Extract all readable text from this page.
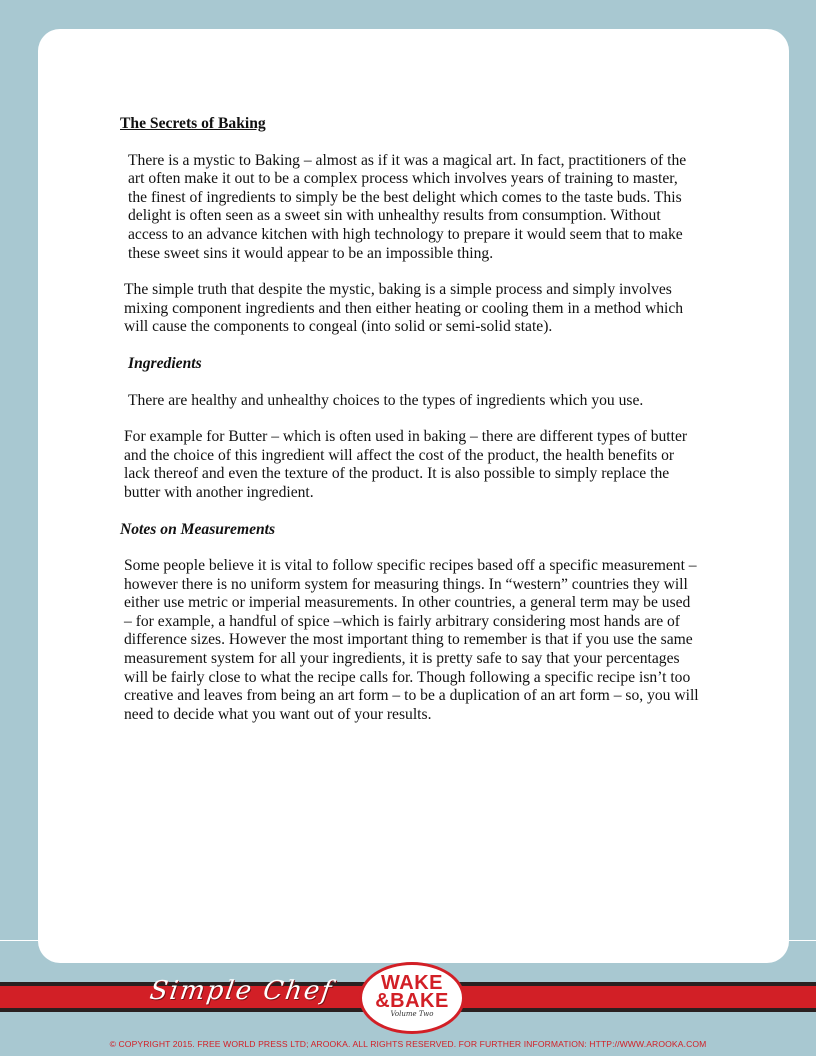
The Secrets of Baking

There is a mystic to Baking – almost as if it was a magical art. In fact, practitioners of the art often make it out to be a complex process which involves years of training to master, the finest of ingredients to simply be the best delight which comes to the taste buds. This delight is often seen as a sweet sin with unhealthy results from consumption. Without access to an advance kitchen with high technology to prepare it would seem that to make these sweet sins it would appear to be an impossible thing.

The simple truth that despite the mystic, baking is a simple process and simply involves mixing component ingredients and then either heating or cooling them in a method which will cause the components to congeal (into solid or semi-solid state).

Ingredients

There are healthy and unhealthy choices to the types of ingredients which you use.

For example for Butter – which is often used in baking – there are different types of butter and the choice of this ingredient will affect the cost of the product, the health benefits or lack thereof and even the texture of the product. It is also possible to simply replace the butter with another ingredient.

Notes on Measurements

Some people believe it is vital to follow specific recipes based off a specific measurement – however there is no uniform system for measuring things. In “western” countries they will either use metric or imperial measurements. In other countries, a general term may be used – for example, a handful of spice –which is fairly arbitrary considering most hands are of difference sizes. However the most important thing to remember is that if you use the same measurement system for all your ingredients, it is pretty safe to say that your percentages will be fairly close to what the recipe calls for. Though following a specific recipe isn’t too creative and leaves from being an art form – to be a duplication of an art form – so, you will need to decide what you want out of your results.

Simple Chef	WAKE
&BAKE
Volume Two
© COPYRIGHT 2015. FREE WORLD PRESS LTD; AROOKA. ALL RIGHTS RESERVED. FOR FURTHER INFORMATION: HTTP://WWW.AROOKA.COM
